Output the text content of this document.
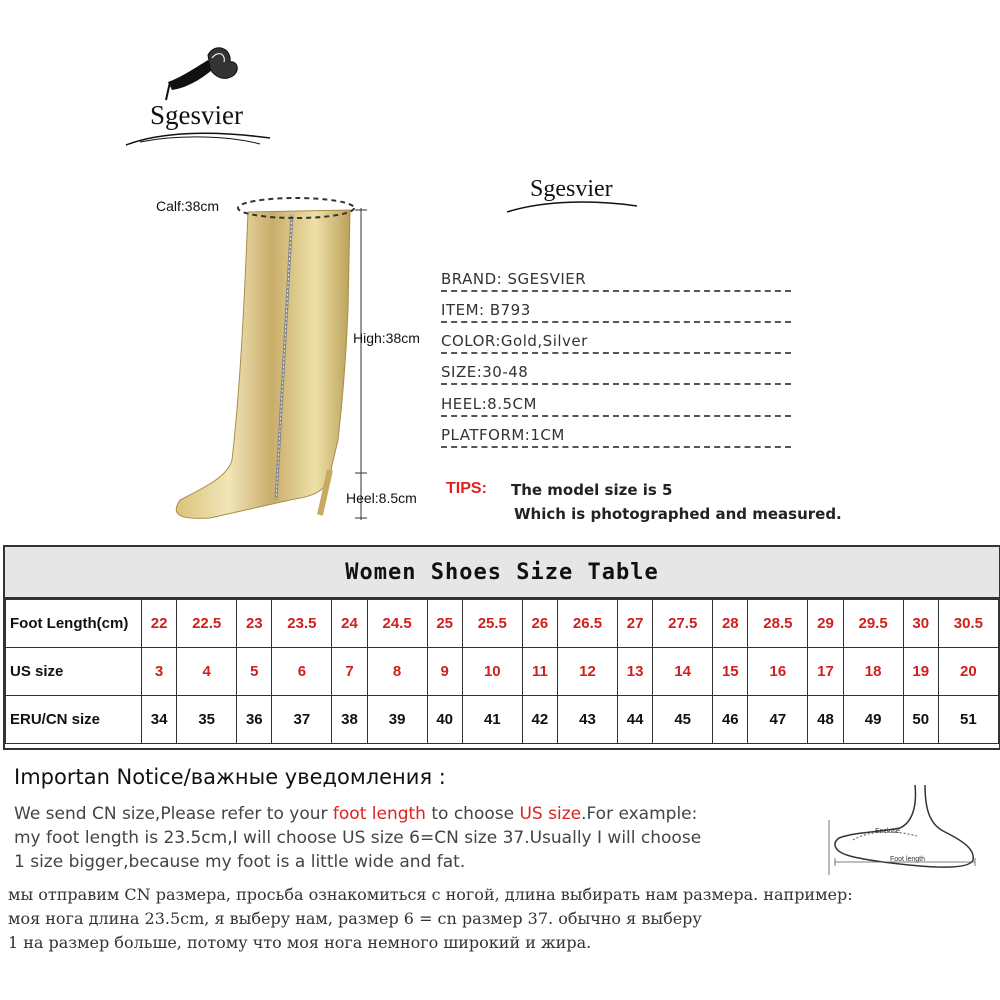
Sgesvier
Calf:38cm
High:38cm
Heel:8.5cm
Sgesvier
BRAND: SGESVIER
ITEM: B793
COLOR:Gold,Silver
SIZE:30-48
HEEL:8.5CM
PLATFORM:1CM
TIPS: The model size is 5
Which is photographed and measured.
Women Shoes Size Table
Foot Length(cm)	22	22.5	23	23.5	24	24.5	25	25.5	26	26.5	27	27.5	28	28.5	29	29.5	30	30.5
US size	3	4	5	6	7	8	9	10	11	12	13	14	15	16	17	18	19	20
ERU/CN size	34	35	36	37	38	39	40	41	42	43	44	45	46	47	48	49	50	51
Importan Notice/важные уведомления :
We send CN size,Please refer to your foot length to choose US size.For example:
my foot length is 23.5cm,I will choose US size 6=CN size 37.Usually I will choose
1 size bigger,because my foot is a little wide and fat.
мы отправим CN размера, просьба ознакомиться с ногой, длина выбирать нам размера. например:
моя нога длина 23.5cm, я выберу нам, размер 6 = cn размер 37. обычно я выберу
1 на размер больше, потому что моя нога немного широкий и жира.
Enclose
Foot length
